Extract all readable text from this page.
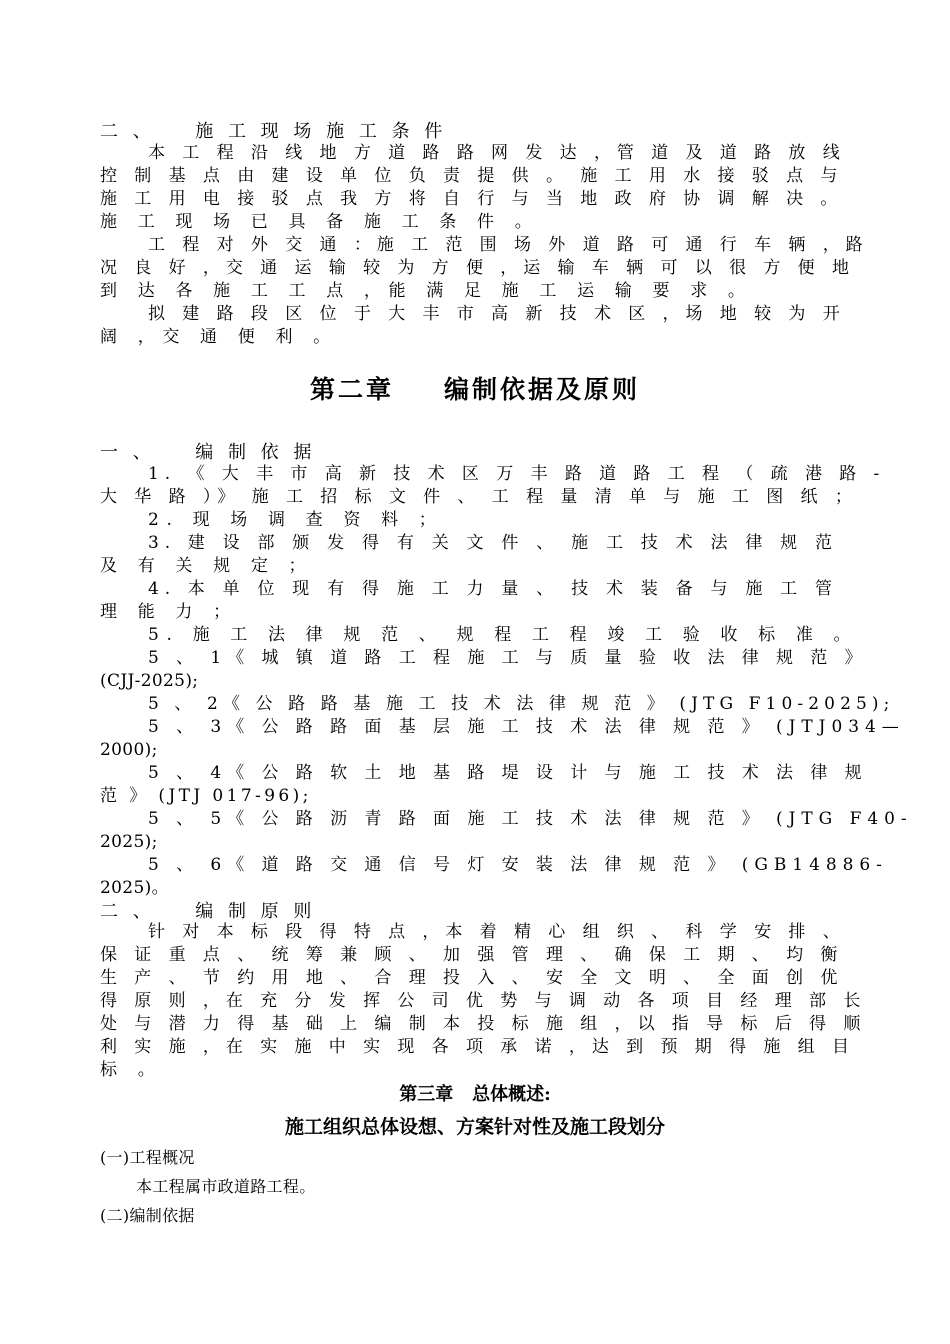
二 、 施 工 现 场 施 工 条 件
本 工 程 沿 线 地 方 道 路 路 网 发 达 ，管 道 及 道 路 放 线
控 制 基 点 由 建 设 单 位 负 责 提 供 。 施 工 用 水 接 驳 点 与
施 工 用 电 接 驳 点 我 方 将 自 行 与 当 地 政 府 协 调 解 决 。
施 工 现 场 已 具 备 施 工 条 件 。
工 程 对 外 交 通 ：施 工 范 围 场 外 道 路 可 通 行 车 辆 ，路
况 良 好 ，交 通 运 输 较 为 方 便 ，运 输 车 辆 可 以 很 方 便 地
到 达 各 施 工 工 点 ，能 满 足 施 工 运 输 要 求 。
拟 建 路 段 区 位 于 大 丰 市 高 新 技 术 区 ，场 地 较 为 开
阔 ，交 通 便 利 。
第二章 编制依据及原则
一 、 编 制 依 据
1. 《 大 丰 市 高 新 技 术 区 万 丰 路 道 路 工 程 （ 疏 港 路 -
大 华 路 ）》 施 工 招 标 文 件 、 工 程 量 清 单 与 施 工 图 纸 ；
2. 现 场 调 查 资 料 ；
3. 建 设 部 颁 发 得 有 关 文 件 、 施 工 技 术 法 律 规 范
及 有 关 规 定 ；
4. 本 单 位 现 有 得 施 工 力 量 、 技 术 装 备 与 施 工 管
理 能 力 ；
5. 施 工 法 律 规 范 、 规 程 工 程 竣 工 验 收 标 准 。
5 、 1《 城 镇 道 路 工 程 施 工 与 质 量 验 收 法 律 规 范 》
(CJJ-2025);
5 、 2《 公 路 路 基 施 工 技 术 法 律 规 范 》 (JTG F10-2025);
5 、 3《 公 路 路 面 基 层 施 工 技 术 法 律 规 范 》 (JTJ034—
2000);
5 、 4《 公 路 软 土 地 基 路 堤 设 计 与 施 工 技 术 法 律 规
范 》 (JTJ 017-96);
5 、 5《 公 路 沥 青 路 面 施 工 技 术 法 律 规 范 》 (JTG F40-
2025);
5 、 6《 道 路 交 通 信 号 灯 安 装 法 律 规 范 》 (GB14886-
2025)。
二 、 编 制 原 则
针 对 本 标 段 得 特 点 ，本 着 精 心 组 织 、 科 学 安 排 、
保 证 重 点 、 统 筹 兼 顾 、 加 强 管 理 、 确 保 工 期 、 均 衡
生 产 、 节 约 用 地 、 合 理 投 入 、 安 全 文 明 、 全 面 创 优
得 原 则 ，在 充 分 发 挥 公 司 优 势 与 调 动 各 项 目 经 理 部 长
处 与 潜 力 得 基 础 上 编 制 本 投 标 施 组 ，以 指 导 标 后 得 顺
利 实 施 ，在 实 施 中 实 现 各 项 承 诺 ，达 到 预 期 得 施 组 目
标 。
第三章   总体概述:
施工组织总体设想、方案针对性及施工段划分
(一)工程概况
本工程属市政道路工程。
(二)编制依据
